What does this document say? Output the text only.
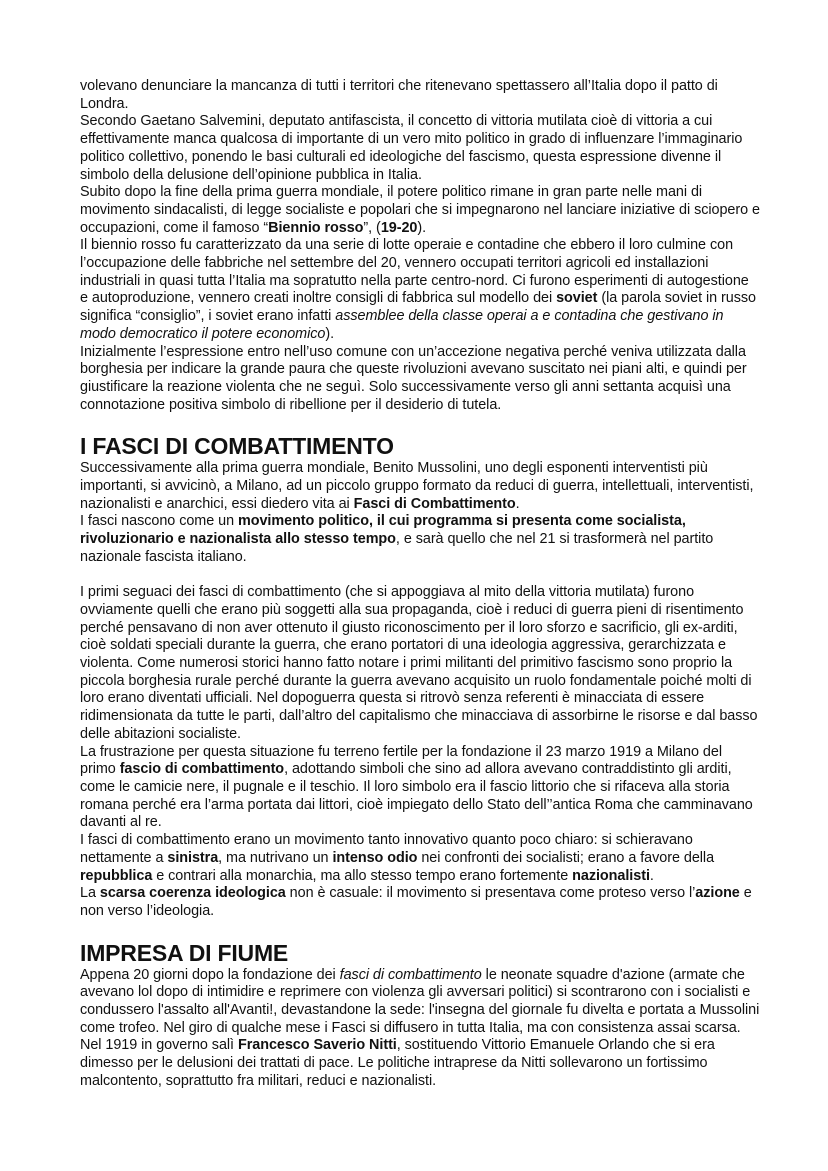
volevano denunciare la mancanza di tutti i territori che ritenevano spettassero all’Italia dopo il patto di Londra.

Secondo Gaetano Salvemini, deputato antifascista, il concetto di vittoria mutilata cioè di vittoria a cui effettivamente manca qualcosa di importante di un vero mito politico in grado di influenzare l’immaginario politico collettivo, ponendo le basi culturali ed ideologiche del fascismo, questa espressione divenne il simbolo della delusione dell’opinione pubblica in Italia.

Subito dopo la fine della prima guerra mondiale, il potere politico rimane in gran parte nelle mani di movimento sindacalisti, di legge socialiste e popolari che si impegnarono nel lanciare iniziative di sciopero e occupazioni, come il famoso “Biennio rosso”, (19-20).

Il biennio rosso fu caratterizzato da una serie di lotte operaie e contadine che ebbero il loro culmine con l’occupazione delle fabbriche nel settembre del 20, vennero occupati territori agricoli ed installazioni industriali in quasi tutta l’Italia ma sopratutto nella parte centro-nord. Ci furono esperimenti di autogestione e autoproduzione, vennero creati inoltre consigli di fabbrica sul modello dei soviet (la parola soviet in russo significa “consiglio”, i soviet erano infatti assemblee della classe operai a e contadina che gestivano in modo democratico il potere economico).

Inizialmente l’espressione entro nell’uso comune con un’accezione negativa perché veniva utilizzata dalla borghesia per indicare la grande paura che queste rivoluzioni avevano suscitato nei piani alti, e quindi per giustificare la reazione violenta che ne seguì. Solo successivamente verso gli anni settanta acquisì una connotazione positiva simbolo di ribellione per il desiderio di tutela.

I FASCI DI COMBATTIMENTO

Successivamente alla prima guerra mondiale, Benito Mussolini, uno degli esponenti interventisti più importanti, si avvicinò, a Milano, ad un piccolo gruppo formato da reduci di guerra, intellettuali, interventisti, nazionalisti e anarchici, essi diedero vita ai Fasci di Combattimento.

I fasci nascono come un movimento politico, il cui programma si presenta come socialista, rivoluzionario e nazionalista allo stesso tempo, e sarà quello che nel 21 si trasformerà nel partito nazionale fascista italiano.

I primi seguaci dei fasci di combattimento (che si appoggiava al mito della vittoria mutilata) furono ovviamente quelli che erano più soggetti alla sua propaganda, cioè i reduci di guerra pieni di risentimento perché pensavano di non aver ottenuto il giusto riconoscimento per il loro sforzo e sacrificio, gli ex-arditi, cioè soldati speciali durante la guerra, che erano portatori di una ideologia aggressiva, gerarchizzata e violenta. Come numerosi storici hanno fatto notare i primi militanti del primitivo fascismo sono proprio la piccola borghesia rurale perché durante la guerra avevano acquisito un ruolo fondamentale poiché molti di loro erano diventati ufficiali. Nel dopoguerra questa si ritrovò senza referenti è minacciata di essere ridimensionata da tutte le parti, dall’altro del capitalismo che minacciava di assorbirne le risorse e dal basso delle abitazioni socialiste.

La frustrazione per questa situazione fu terreno fertile per la fondazione il 23 marzo 1919 a Milano del primo fascio di combattimento, adottando simboli che sino ad allora avevano contraddistinto gli arditi, come le camicie nere, il pugnale e il teschio. Il loro simbolo era il fascio littorio che si rifaceva alla storia romana perché era l’arma portata dai littori, cioè impiegato dello Stato dell’’antica Roma che camminavano davanti al re.

I fasci di combattimento erano un movimento tanto innovativo quanto poco chiaro: si schieravano nettamente a sinistra, ma nutrivano un intenso odio nei confronti dei socialisti; erano a favore della repubblica e contrari alla monarchia, ma allo stesso tempo erano fortemente nazionalisti.

La scarsa coerenza ideologica non è casuale: il movimento si presentava come proteso verso l’azione e non verso l’ideologia.

IMPRESA DI FIUME

Appena 20 giorni dopo la fondazione dei fasci di combattimento le neonate squadre d'azione (armate che avevano lol dopo di intimidire e reprimere con violenza gli avversari politici) si scontrarono con i socialisti e condussero l'assalto all'Avanti!, devastandone la sede: l'insegna del giornale fu divelta e portata a Mussolini come trofeo. Nel giro di qualche mese i Fasci si diffusero in tutta Italia, ma con consistenza assai scarsa.

Nel 1919 in governo salì Francesco Saverio Nitti, sostituendo Vittorio Emanuele Orlando che si era dimesso per le delusioni dei trattati di pace. Le politiche intraprese da Nitti sollevarono un fortissimo malcontento, soprattutto fra militari, reduci e nazionalisti.
